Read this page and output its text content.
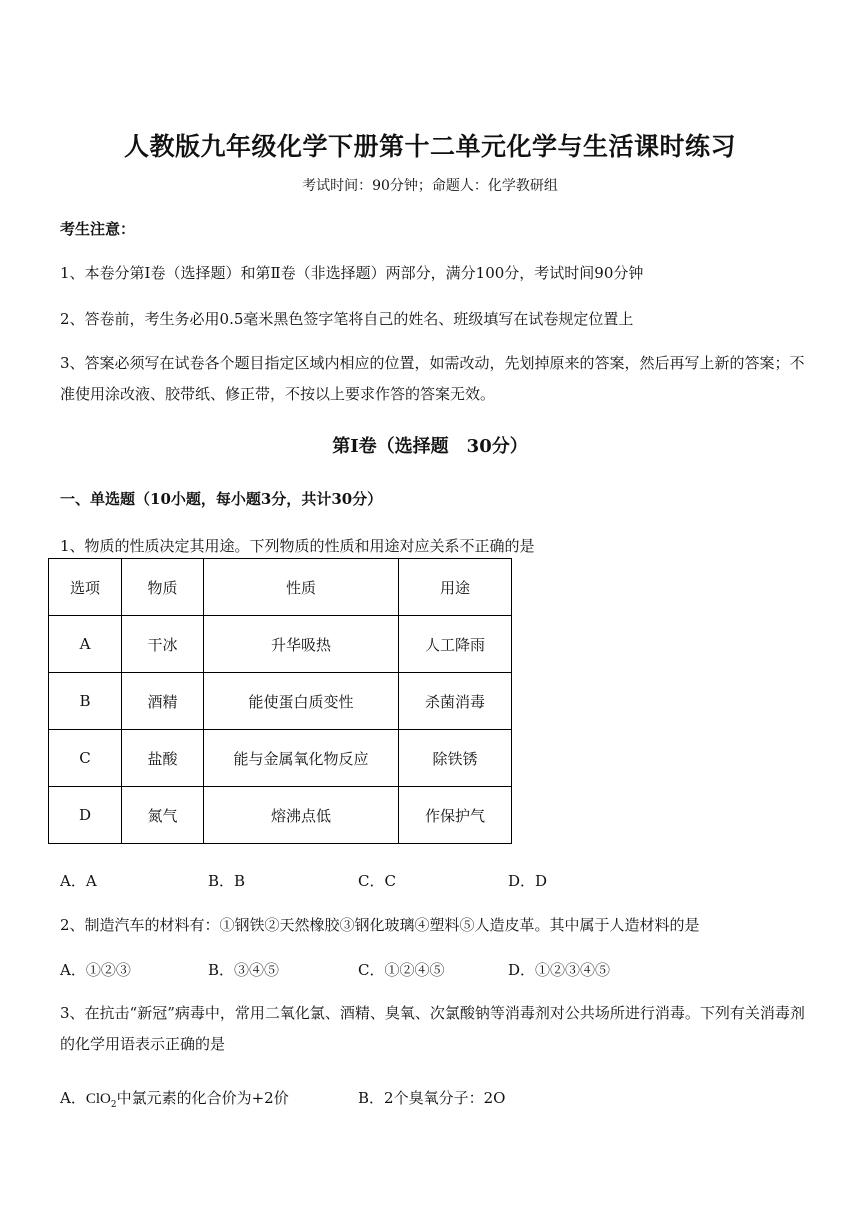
人教版九年级化学下册第十二单元化学与生活课时练习
考试时间：90分钟；命题人：化学教研组
考生注意：
1、本卷分第I卷（选择题）和第Ⅱ卷（非选择题）两部分，满分100分，考试时间90分钟
2、答卷前，考生务必用0.5毫米黑色签字笔将自己的姓名、班级填写在试卷规定位置上
3、答案必须写在试卷各个题目指定区域内相应的位置，如需改动，先划掉原来的答案，然后再写上新的答案；不准使用涂改液、胶带纸、修正带，不按以上要求作答的答案无效。
第I卷（选择题　30分）
一、单选题（10小题，每小题3分，共计30分）
1、物质的性质决定其用途。下列物质的性质和用途对应关系不正确的是
选项	物质	性质	用途
A	干冰	升华吸热	人工降雨
B	酒精	能使蛋白质变性	杀菌消毒
C	盐酸	能与金属氧化物反应	除铁锈
D	氮气	熔沸点低	作保护气
A．A	B．B	C．C	D．D
2、制造汽车的材料有：①钢铁②天然橡胶③钢化玻璃④塑料⑤人造皮革。其中属于人造材料的是
A．①②③	B．③④⑤	C．①②④⑤	D．①②③④⑤
3、在抗击“新冠”病毒中，常用二氧化氯、酒精、臭氧、次氯酸钠等消毒剂对公共场所进行消毒。下列有关消毒剂的化学用语表示正确的是
A．ClO$_2$中氯元素的化合价为+2价	B．2个臭氧分子：2O
